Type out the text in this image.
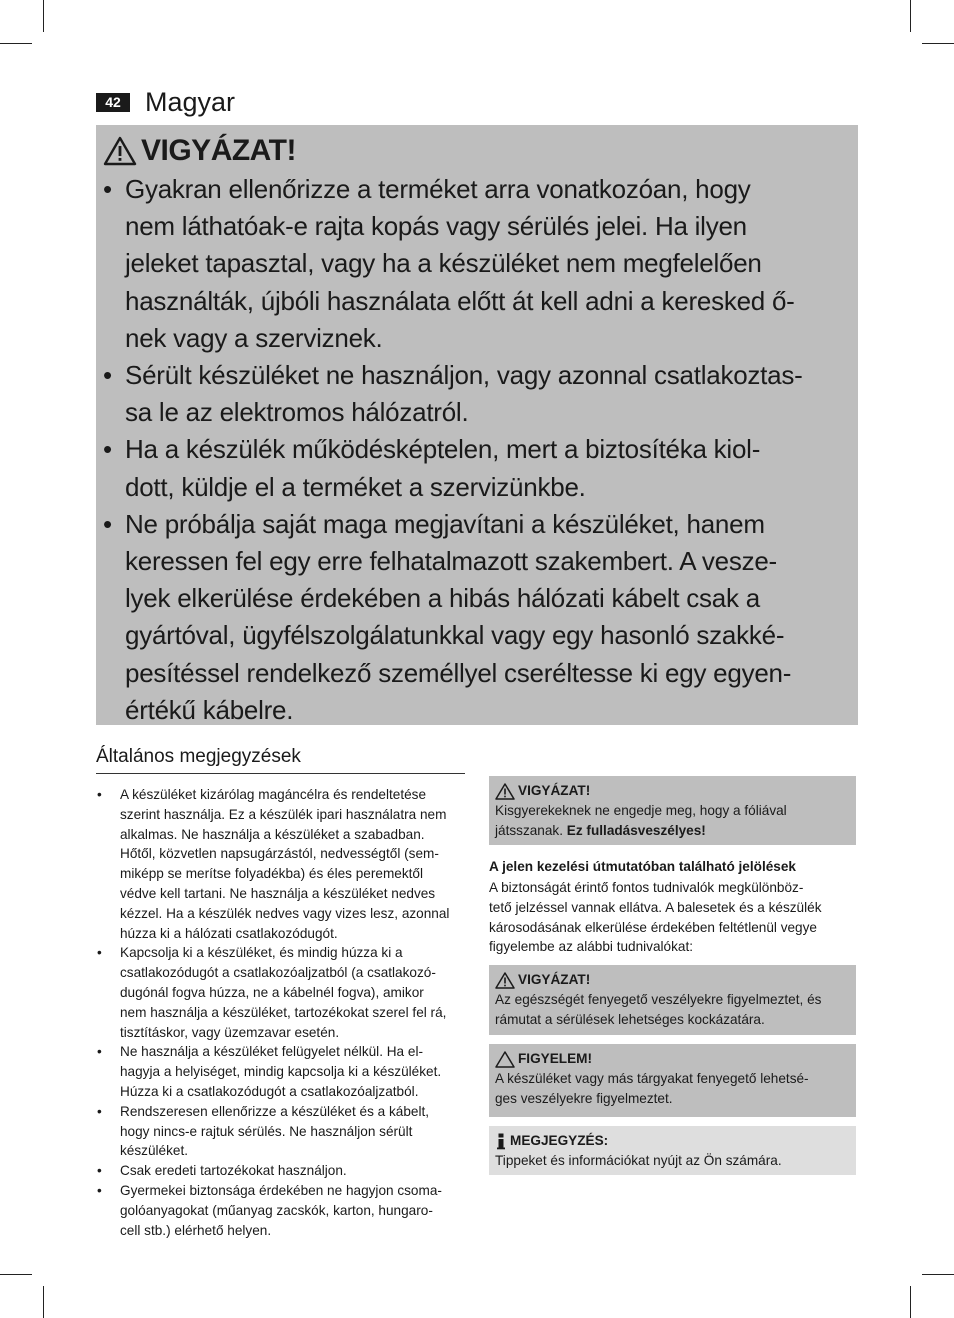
42 Magyar
VIGYÁZAT!
• Gyakran ellenőrizze a terméket arra vonatkozóan, hogy
nem láthatóak-e rajta kopás vagy sérülés jelei. Ha ilyen
jeleket tapasztal, vagy ha a készüléket nem megfelelően
használták, újbóli használata előtt át kell adni a keresked ő-
nek vagy a szerviznek.
• Sérült készüléket ne használjon, vagy azonnal csatlakoztas-
sa le az elektromos hálózatról.
• Ha a készülék működésképtelen, mert a biztosítéka kiol-
dott, küldje el a terméket a szervizünkbe.
• Ne próbálja saját maga megjavítani a készüléket, hanem
keressen fel egy erre felhatalmazott szakembert. A vesze-
lyek elkerülése érdekében a hibás hálózati kábelt csak a
gyártóval, ügyfélszolgálatunkkal vagy egy hasonló szakké-
pesítéssel rendelkező személlyel cseréltesse ki egy egyen-
értékű kábelre.
Általános megjegyzések
• A készüléket kizárólag magáncélra és rendeltetése
szerint használja. Ez a készülék ipari használatra nem
alkalmas. Ne használja a készüléket a szabadban.
Hőtől, közvetlen napsugárzástól, nedvességtől (sem-
miképp se merítse folyadékba) és éles peremektől
védve kell tartani. Ne használja a készüléket nedves
kézzel. Ha a készülék nedves vagy vizes lesz, azonnal
húzza ki a hálózati csatlakozódugót.
• Kapcsolja ki a készüléket, és mindig húzza ki a
csatlakozódugót a csatlakozóaljzatból (a csatlakozó-
dugónál fogva húzza, ne a kábelnél fogva), amikor
nem használja a készüléket, tartozékokat szerel fel rá,
tisztításkor, vagy üzemzavar esetén.
• Ne használja a készüléket felügyelet nélkül. Ha el-
hagyja a helyiséget, mindig kapcsolja ki a készüléket.
Húzza ki a csatlakozódugót a csatlakozóaljzatból.
• Rendszeresen ellenőrizze a készüléket és a kábelt,
hogy nincs-e rajtuk sérülés. Ne használjon sérült
készüléket.
• Csak eredeti tartozékokat használjon.
• Gyermekei biztonsága érdekében ne hagyjon csoma-
golóanyagokat (műanyag zacskók, karton, hungaro-
cell stb.) elérhető helyen.
VIGYÁZAT!
Kisgyerekeknek ne engedje meg, hogy a fóliával
játsszanak. Ez fulladásveszélyes!
A jelen kezelési útmutatóban található jelölések
A biztonságát érintő fontos tudnivalók megkülönböz-
tető jelzéssel vannak ellátva. A balesetek és a készülék
károsodásának elkerülése érdekében feltétlenül vegye
figyelembe az alábbi tudnivalókat:
VIGYÁZAT!
Az egészségét fenyegető veszélyekre figyelmeztet, és
rámutat a sérülések lehetséges kockázatára.
FIGYELEM!
A készüléket vagy más tárgyakat fenyegető lehetsé-
ges veszélyekre figyelmeztet.
MEGJEGYZÉS:
Tippeket és információkat nyújt az Ön számára.
